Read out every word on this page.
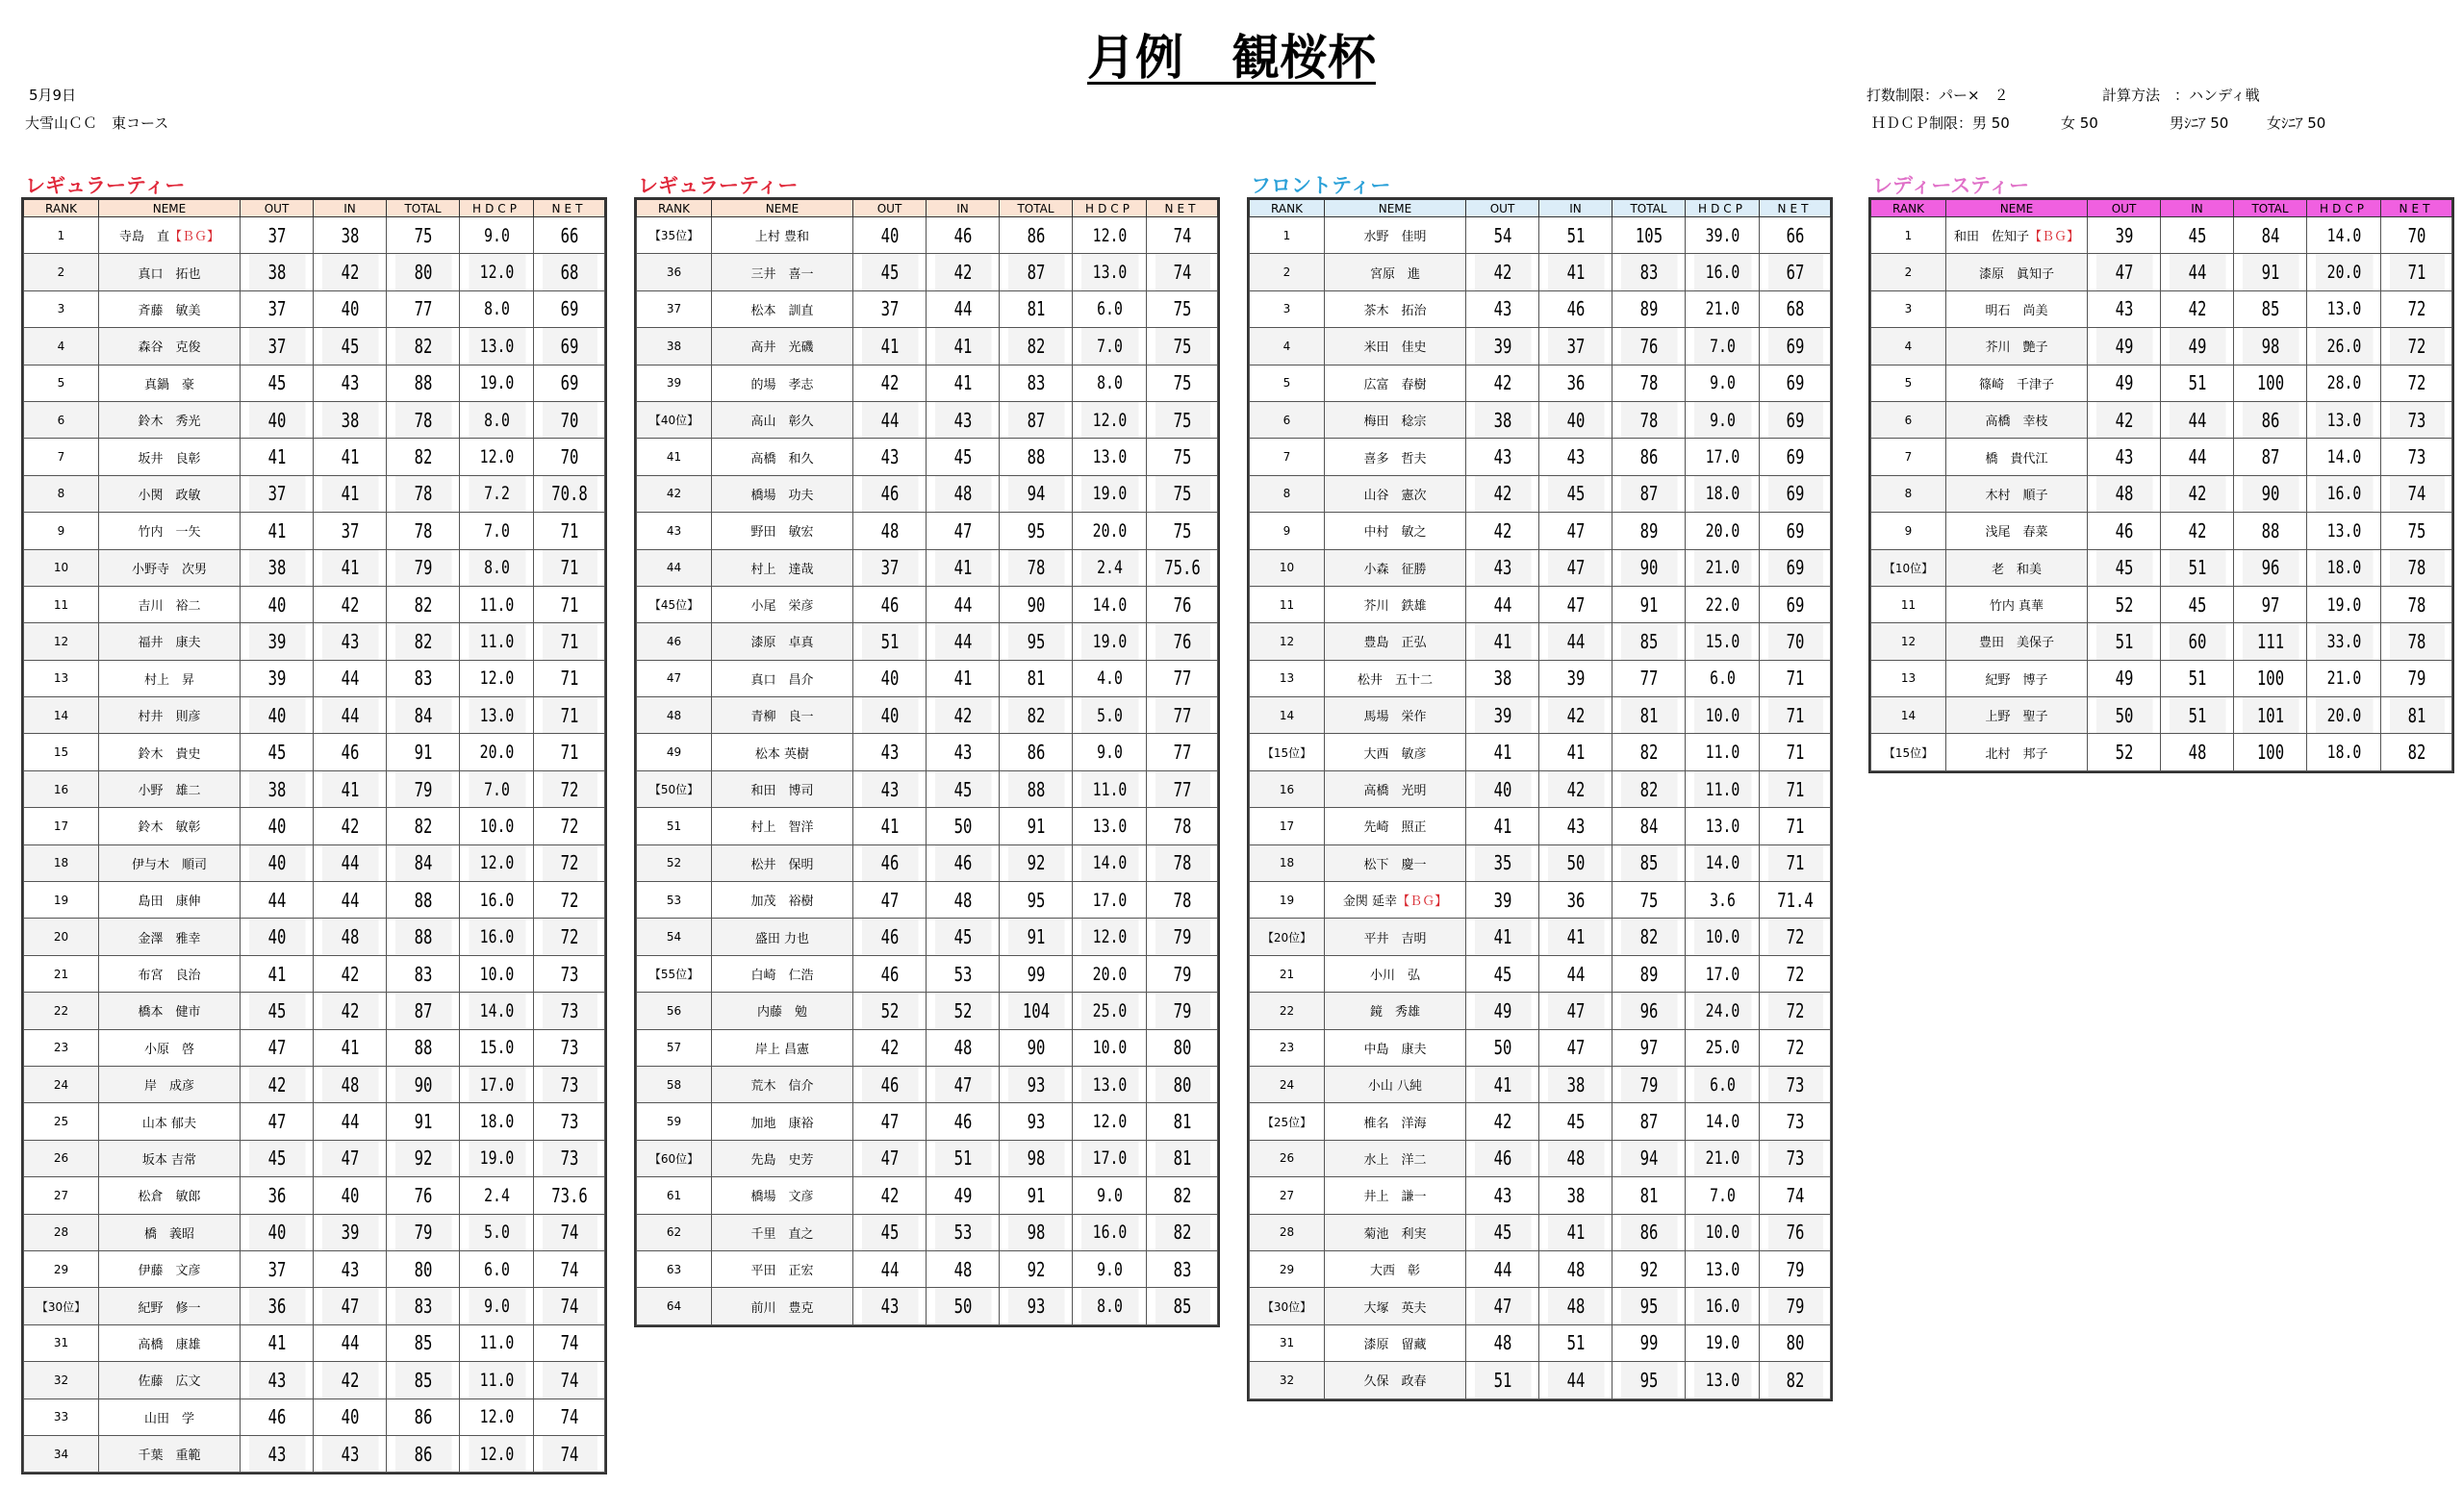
月例　観桜杯
5月9日
大雪山ＣＣ　東コース
打数制限：パー×　２	計算方法　：ハンディ戦
ＨＤＣＰ制限：男 50	女 50	男ｼﾆｱ 50	女ｼﾆｱ 50
レギュラーティー	レギュラーティー	フロントティー	レディースティー
RANK	NEME	OUT	IN	TOTAL	HDCP	NET
1	寺島　直【ＢＧ】	37	38	75	9.0	66
2	真口　拓也	38	42	80	12.0	68
3	斉藤　敏美	37	40	77	8.0	69
4	森谷　克俊	37	45	82	13.0	69
5	真鍋　豪	45	43	88	19.0	69
6	鈴木　秀光	40	38	78	8.0	70
7	坂井　良彰	41	41	82	12.0	70
8	小関　政敏	37	41	78	7.2	70.8
9	竹内　一矢	41	37	78	7.0	71
10	小野寺　次男	38	41	79	8.0	71
11	吉川　裕二	40	42	82	11.0	71
12	福井　康夫	39	43	82	11.0	71
13	村上　昇	39	44	83	12.0	71
14	村井　則彦	40	44	84	13.0	71
15	鈴木　貴史	45	46	91	20.0	71
16	小野　雄二	38	41	79	7.0	72
17	鈴木　敏彰	40	42	82	10.0	72
18	伊与木　順司	40	44	84	12.0	72
19	島田　康伸	44	44	88	16.0	72
20	金澤　雅幸	40	48	88	16.0	72
21	布宮　良治	41	42	83	10.0	73
22	橋本　健市	45	42	87	14.0	73
23	小原　啓	47	41	88	15.0	73
24	岸　成彦	42	48	90	17.0	73
25	山本 郁夫	47	44	91	18.0	73
26	坂本 吉常	45	47	92	19.0	73
27	松倉　敏郎	36	40	76	2.4	73.6
28	橋　義昭	40	39	79	5.0	74
29	伊藤　文彦	37	43	80	6.0	74
【30位】	紀野　修一	36	47	83	9.0	74
31	高橋　康雄	41	44	85	11.0	74
32	佐藤　広文	43	42	85	11.0	74
33	山田　学	46	40	86	12.0	74
34	千葉　重範	43	43	86	12.0	74
RANK	NEME	OUT	IN	TOTAL	HDCP	NET
【35位】	上村 豊和	40	46	86	12.0	74
36	三井　喜一	45	42	87	13.0	74
37	松本　訓直	37	44	81	6.0	75
38	高井　光磯	41	41	82	7.0	75
39	的場　孝志	42	41	83	8.0	75
【40位】	高山　彰久	44	43	87	12.0	75
41	高橋　和久	43	45	88	13.0	75
42	橋場　功夫	46	48	94	19.0	75
43	野田　敏宏	48	47	95	20.0	75
44	村上　達哉	37	41	78	2.4	75.6
【45位】	小尾　栄彦	46	44	90	14.0	76
46	漆原　卓真	51	44	95	19.0	76
47	真口　昌介	40	41	81	4.0	77
48	青柳　良一	40	42	82	5.0	77
49	松本 英樹	43	43	86	9.0	77
【50位】	和田　博司	43	45	88	11.0	77
51	村上　智洋	41	50	91	13.0	78
52	松井　保明	46	46	92	14.0	78
53	加茂　裕樹	47	48	95	17.0	78
54	盛田 力也	46	45	91	12.0	79
【55位】	白崎　仁浩	46	53	99	20.0	79
56	内藤　勉	52	52	104	25.0	79
57	岸上 昌憲	42	48	90	10.0	80
58	荒木　信介	46	47	93	13.0	80
59	加地　康裕	47	46	93	12.0	81
【60位】	先島　史芳	47	51	98	17.0	81
61	橋場　文彦	42	49	91	9.0	82
62	千里　直之	45	53	98	16.0	82
63	平田　正宏	44	48	92	9.0	83
64	前川　豊克	43	50	93	8.0	85
RANK	NEME	OUT	IN	TOTAL	HDCP	NET
1	水野　佳明	54	51	105	39.0	66
2	宮原　進	42	41	83	16.0	67
3	茶木　拓治	43	46	89	21.0	68
4	米田　佳史	39	37	76	7.0	69
5	広富　春樹	42	36	78	9.0	69
6	梅田　稔宗	38	40	78	9.0	69
7	喜多　哲夫	43	43	86	17.0	69
8	山谷　憲次	42	45	87	18.0	69
9	中村　敏之	42	47	89	20.0	69
10	小森　征勝	43	47	90	21.0	69
11	芥川　鉄雄	44	47	91	22.0	69
12	豊島　正弘	41	44	85	15.0	70
13	松井　五十二	38	39	77	6.0	71
14	馬場　栄作	39	42	81	10.0	71
【15位】	大西　敏彦	41	41	82	11.0	71
16	高橋　光明	40	42	82	11.0	71
17	先崎　照正	41	43	84	13.0	71
18	松下　慶一	35	50	85	14.0	71
19	金関 延幸【ＢＧ】	39	36	75	3.6	71.4
【20位】	平井　吉明	41	41	82	10.0	72
21	小川　弘	45	44	89	17.0	72
22	鏡　秀雄	49	47	96	24.0	72
23	中島　康夫	50	47	97	25.0	72
24	小山 八純	41	38	79	6.0	73
【25位】	椎名　洋海	42	45	87	14.0	73
26	水上　洋二	46	48	94	21.0	73
27	井上　謙一	43	38	81	7.0	74
28	菊池　利実	45	41	86	10.0	76
29	大西　彰	44	48	92	13.0	79
【30位】	大塚　英夫	47	48	95	16.0	79
31	漆原　留藏	48	51	99	19.0	80
32	久保　政春	51	44	95	13.0	82
RANK	NEME	OUT	IN	TOTAL	HDCP	NET
1	和田　佐知子【ＢＧ】	39	45	84	14.0	70
2	漆原　眞知子	47	44	91	20.0	71
3	明石　尚美	43	42	85	13.0	72
4	芥川　艶子	49	49	98	26.0	72
5	篠崎　千津子	49	51	100	28.0	72
6	高橋　幸枝	42	44	86	13.0	73
7	橋　貴代江	43	44	87	14.0	73
8	木村　順子	48	42	90	16.0	74
9	浅尾　春菜	46	42	88	13.0	75
【10位】	老　和美	45	51	96	18.0	78
11	竹内 真華	52	45	97	19.0	78
12	豊田　美保子	51	60	111	33.0	78
13	紀野　博子	49	51	100	21.0	79
14	上野　聖子	50	51	101	20.0	81
【15位】	北村　邦子	52	48	100	18.0	82
